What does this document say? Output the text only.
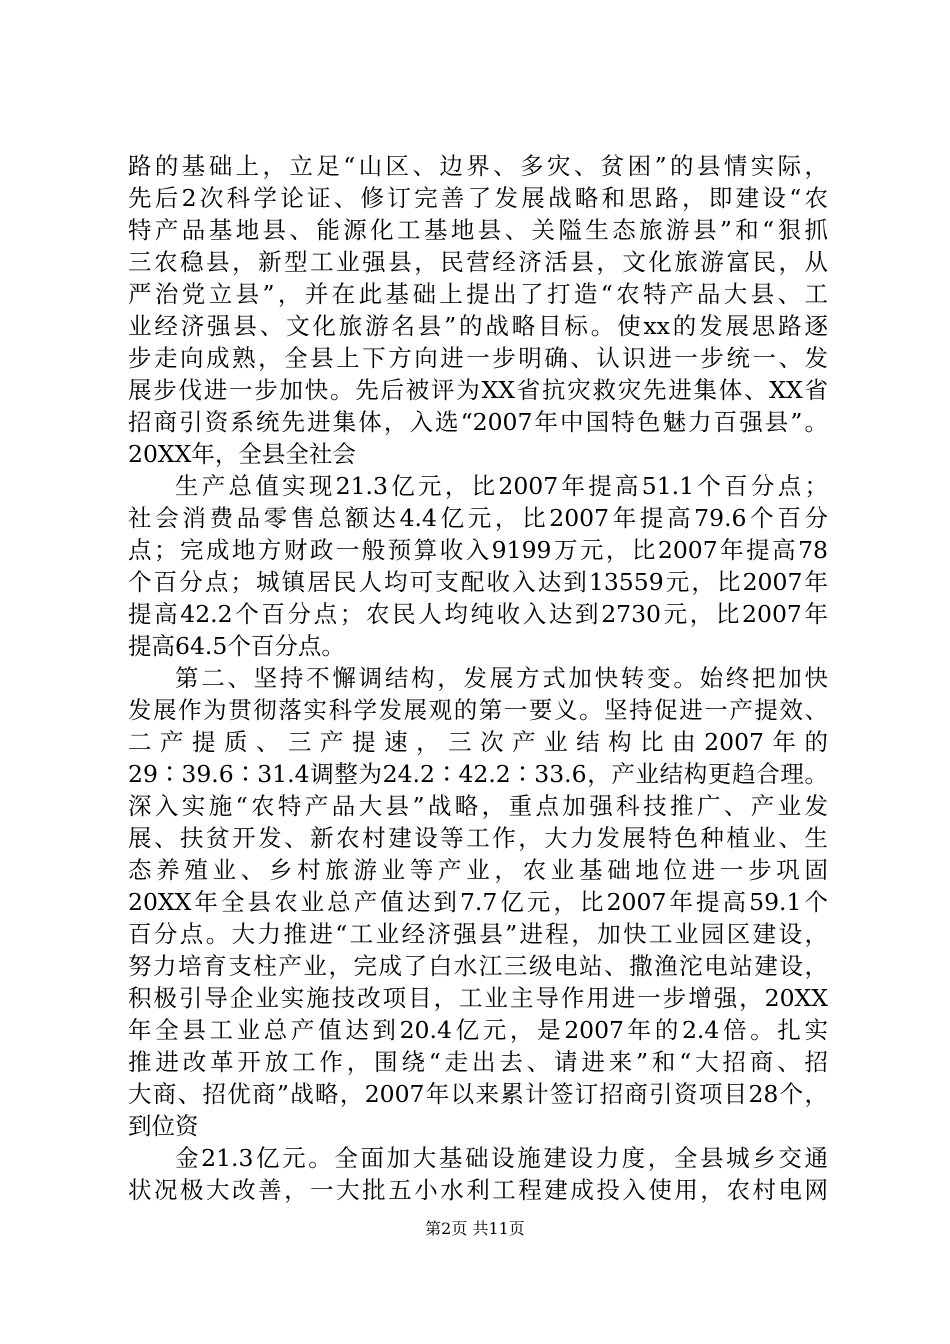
路的基础上，立足“山区、边界、多灾、贫困”的县情实际，
先后2次科学论证、修订完善了发展战略和思路，即建设“农
特产品基地县、能源化工基地县、关隘生态旅游县”和“狠抓
三农稳县，新型工业强县，民营经济活县，文化旅游富民，从
严治党立县”，并在此基础上提出了打造“农特产品大县、工
业经济强县、文化旅游名县”的战略目标。使xx的发展思路逐
步走向成熟，全县上下方向进一步明确、认识进一步统一、发
展步伐进一步加快。先后被评为XX省抗灾救灾先进集体、XX省
招商引资系统先进集体，入选“2007年中国特色魅力百强县”。
20XX年，全县全社会
生产总值实现21.3亿元，比2007年提高51.1个百分点；
社会消费品零售总额达4.4亿元，比2007年提高79.6个百分
点；完成地方财政一般预算收入9199万元，比2007年提高78
个百分点；城镇居民人均可支配收入达到13559元，比2007年
提高42.2个百分点；农民人均纯收入达到2730元，比2007年
提高64.5个百分点。
第二、坚持不懈调结构，发展方式加快转变。始终把加快
发展作为贯彻落实科学发展观的第一要义。坚持促进一产提效、
二产提质、三产提速，三次产业结构比由2007年的
29∶39.6∶31.4调整为24.2∶42.2∶33.6，产业结构更趋合理。
深入实施“农特产品大县”战略，重点加强科技推广、产业发
展、扶贫开发、新农村建设等工作，大力发展特色种植业、生
态养殖业、乡村旅游业等产业，农业基础地位进一步巩固
20XX年全县农业总产值达到7.7亿元，比2007年提高59.1个
百分点。大力推进“工业经济强县”进程，加快工业园区建设，
努力培育支柱产业，完成了白水江三级电站、撒渔沱电站建设，
积极引导企业实施技改项目，工业主导作用进一步增强，20XX
年全县工业总产值达到20.4亿元，是2007年的2.4倍。扎实
推进改革开放工作，围绕“走出去、请进来”和“大招商、招
大商、招优商”战略，2007年以来累计签订招商引资项目28个，
到位资
金21.3亿元。全面加大基础设施建设力度，全县城乡交通
状况极大改善，一大批五小水利工程建成投入使用，农村电网
第2页 共11页
